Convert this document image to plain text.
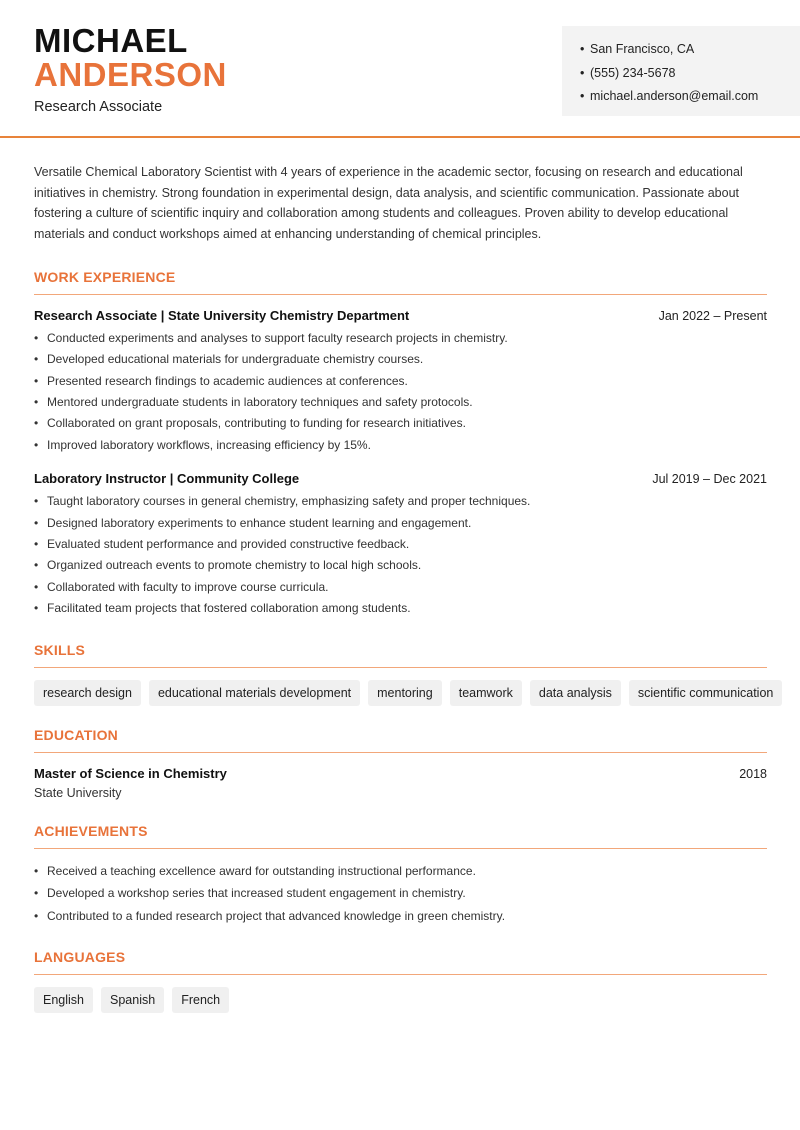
MICHAEL
ANDERSON
Research Associate
• San Francisco, CA
• (555) 234-5678
• michael.anderson@email.com

Versatile Chemical Laboratory Scientist with 4 years of experience in the academic sector, focusing on research and educational initiatives in chemistry. Strong foundation in experimental design, data analysis, and scientific communication. Passionate about fostering a culture of scientific inquiry and collaboration among students and colleagues. Proven ability to develop educational materials and conduct workshops aimed at enhancing understanding of chemical principles.

WORK EXPERIENCE
Research Associate | State University Chemistry Department	Jan 2022 – Present
• Conducted experiments and analyses to support faculty research projects in chemistry.
• Developed educational materials for undergraduate chemistry courses.
• Presented research findings to academic audiences at conferences.
• Mentored undergraduate students in laboratory techniques and safety protocols.
• Collaborated on grant proposals, contributing to funding for research initiatives.
• Improved laboratory workflows, increasing efficiency by 15%.
Laboratory Instructor | Community College	Jul 2019 – Dec 2021
• Taught laboratory courses in general chemistry, emphasizing safety and proper techniques.
• Designed laboratory experiments to enhance student learning and engagement.
• Evaluated student performance and provided constructive feedback.
• Organized outreach events to promote chemistry to local high schools.
• Collaborated with faculty to improve course curricula.
• Facilitated team projects that fostered collaboration among students.
SKILLS
research design	educational materials development	mentoring	teamwork	data analysis	scientific communication
EDUCATION
Master of Science in Chemistry	2018
State University
ACHIEVEMENTS
• Received a teaching excellence award for outstanding instructional performance.
• Developed a workshop series that increased student engagement in chemistry.
• Contributed to a funded research project that advanced knowledge in green chemistry.
LANGUAGES
English	Spanish	French
